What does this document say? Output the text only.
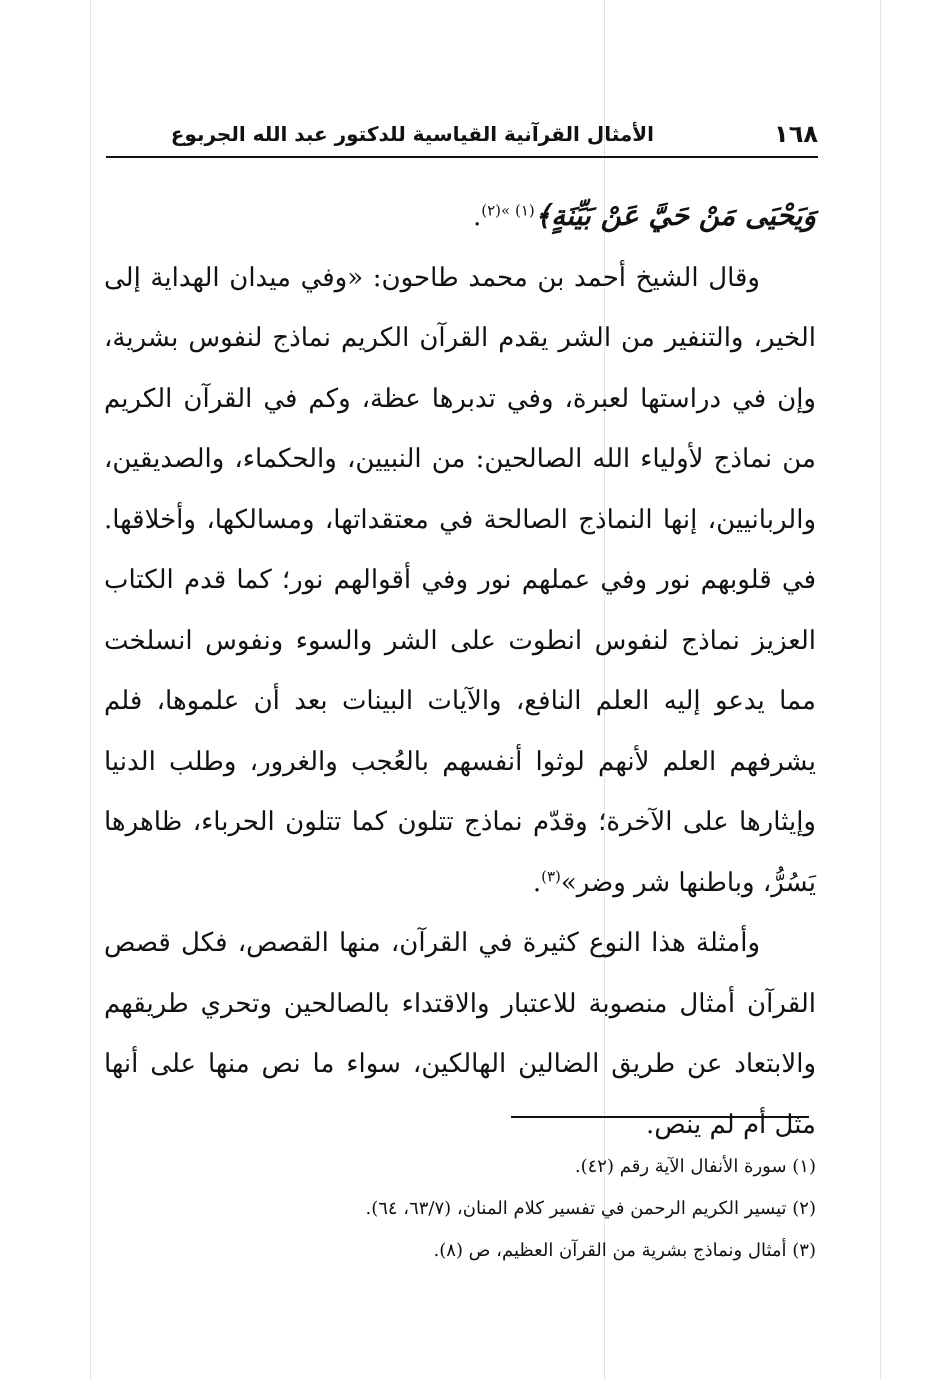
١٦٨
الأمثال القرآنية القياسية للدكتور عبد الله الجربوع

وَيَحْيَى مَنْ حَيَّ عَنْ بَيِّنَةٍ﴾$^{(١) »(٢)}$.

وقال الشيخ أحمد بن محمد طاحون: «وفي ميدان الهداية إلى الخير، والتنفير من الشر يقدم القرآن الكريم نماذج لنفوس بشرية، وإن في دراستها لعبرة، وفي تدبرها عظة، وكم في القرآن الكريم من نماذج لأولياء الله الصالحين: من النبيين، والحكماء، والصديقين، والربانيين، إنها النماذج الصالحة في معتقداتها، ومسالكها، وأخلاقها. في قلوبهم نور وفي عملهم نور وفي أقوالهم نور؛ كما قدم الكتاب العزيز نماذج لنفوس انطوت على الشر والسوء ونفوس انسلخت مما يدعو إليه العلم النافع، والآيات البينات بعد أن علموها، فلم يشرفهم العلم لأنهم لوثوا أنفسهم بالعُجب والغرور، وطلب الدنيا وإيثارها على الآخرة؛ وقدّم نماذج تتلون كما تتلون الحرباء، ظاهرها يَسُرُّ، وباطنها شر وضر»$^{(٣)}$.

وأمثلة هذا النوع كثيرة في القرآن، منها القصص، فكل قصص القرآن أمثال منصوبة للاعتبار والاقتداء بالصالحين وتحري طريقهم والابتعاد عن طريق الضالين الهالكين، سواء ما نص منها على أنها مثل أم لم ينص.

(١) سورة الأنفال الآية رقم (٤٢).
(٢) تيسير الكريم الرحمن في تفسير كلام المنان، (٦٣/٧، ٦٤).
(٣) أمثال ونماذج بشرية من القرآن العظيم، ص (٨).
